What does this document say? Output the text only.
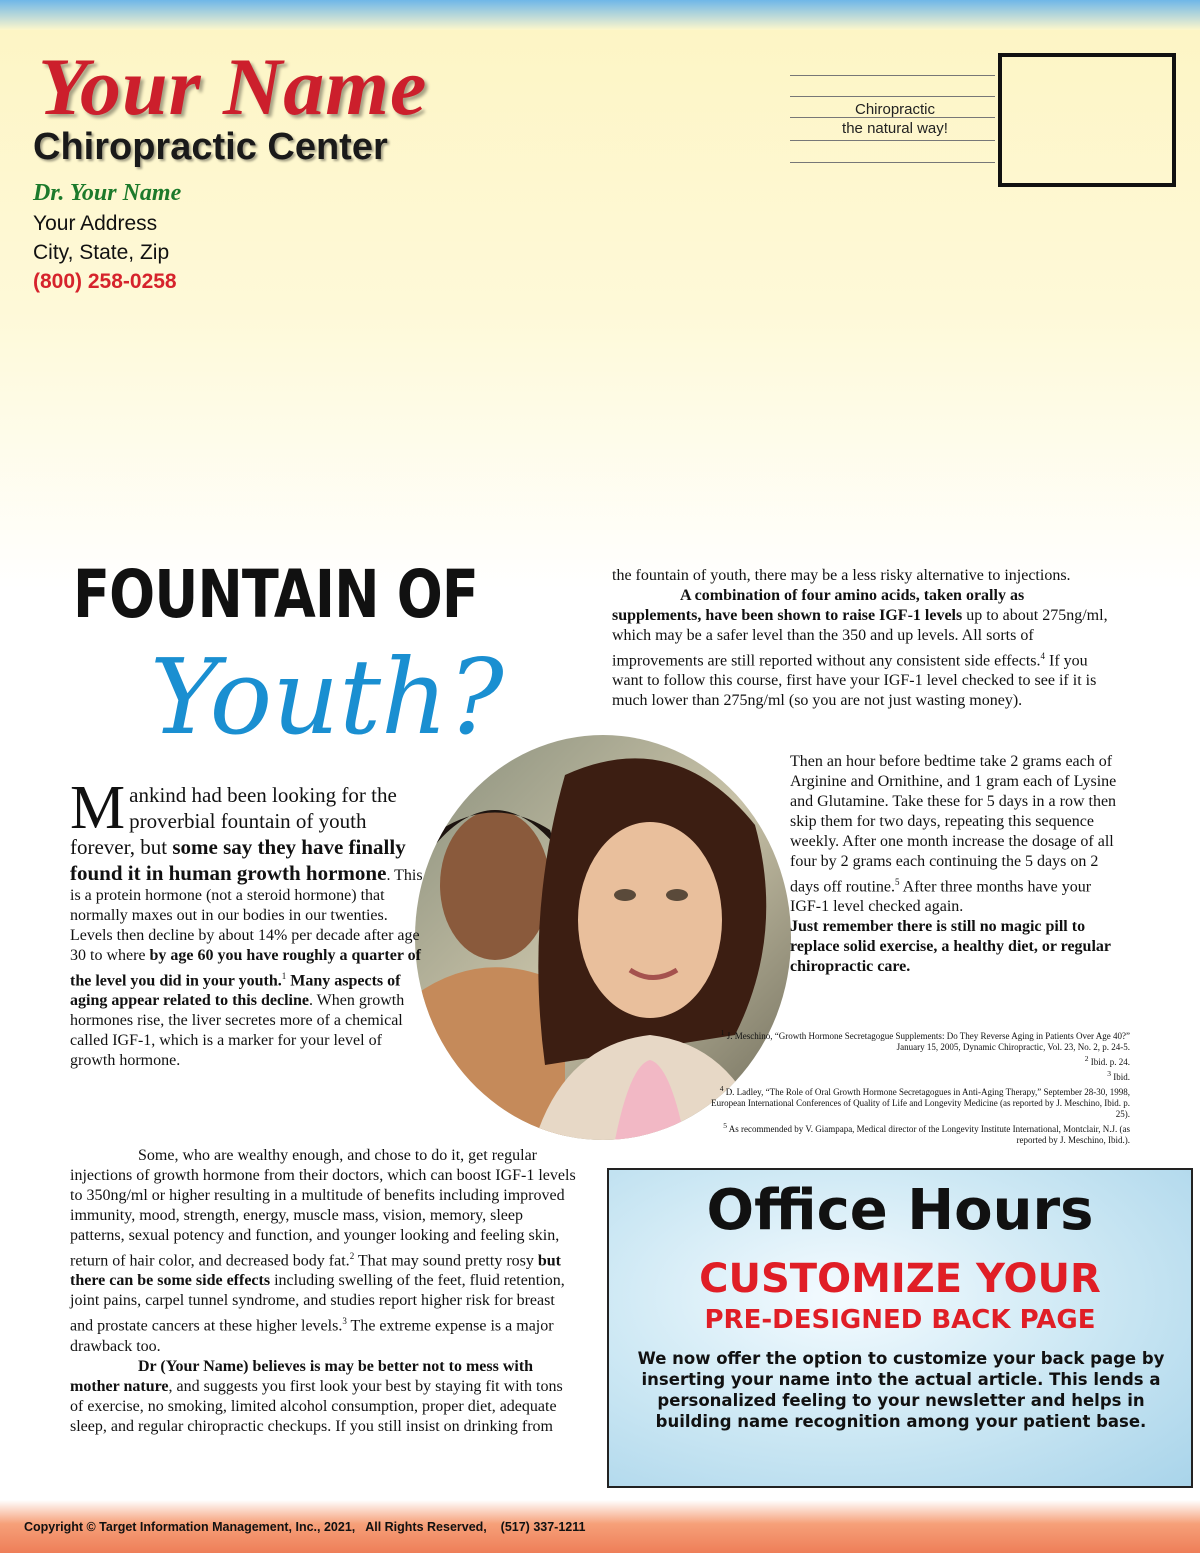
Your Name
Chiropractic Center
Dr. Your Name
Your Address
City, State, Zip
(800) 258-0258
Chiropractic
the natural way!
FOUNTAIN OF
Youth?

M ankind had been looking for the proverbial fountain of youth forever, but some say they have finally found it in human growth hormone. This is a protein hormone (not a steroid hormone) that normally maxes out in our bodies in our twenties. Levels then decline by about 14% per decade after age 30 to where by age 60 you have roughly a quarter of the level you did in your youth.$^1$ Many aspects of aging appear related to this decline. When growth hormones rise, the liver secretes more of a chemical called IGF-1, which is a marker for your level of growth hormone.

Some, who are wealthy enough, and chose to do it, get regular injections of growth hormone from their doctors, which can boost IGF-1 levels to 350ng/ml or higher resulting in a multitude of benefits including improved immunity, mood, strength, energy, muscle mass, vision, memory, sleep patterns, sexual potency and function, and younger looking and feeling skin, return of hair color, and decreased body fat.$^2$ That may sound pretty rosy but there can be some side effects including swelling of the feet, fluid retention, joint pains, carpel tunnel syndrome, and studies report higher risk for breast and prostate cancers at these higher levels.$^3$ The extreme expense is a major drawback too.

Dr (Your Name) believes is may be better not to mess with mother nature, and suggests you first look your best by staying fit with tons of exercise, no smoking, limited alcohol consumption, proper diet, adequate sleep, and regular chiropractic checkups. If you still insist on drinking from

the fountain of youth, there may be a less risky alternative to injections.

A combination of four amino acids, taken orally as supplements, have been shown to raise IGF-1 levels up to about 275ng/ml, which may be a safer level than the 350 and up levels. All sorts of improvements are still reported without any consistent side effects.$^4$ If you want to follow this course, first have your IGF-1 level checked to see if it is much lower than 275ng/ml (so you are not just wasting money).

Then an hour before bedtime take 2 grams each of Arginine and Ornithine, and 1 gram each of Lysine and Glutamine. Take these for 5 days in a row then skip them for two days, repeating this sequence weekly. After one month increase the dosage of all four by 2 grams each continuing the 5 days on 2 days off routine.$^5$ After three months have your IGF-1 level checked again.

Just remember there is still no magic pill to replace solid exercise, a healthy diet, or regular chiropractic care.

$^1$ J. Meschino, “Growth Hormone Secretagogue Supplements: Do They Reverse Aging in Patients Over Age 40?” January 15, 2005, Dynamic Chiropractic, Vol. 23, No. 2, p. 24-5.
$^2$ Ibid. p. 24.
$^3$ Ibid.
$^4$ D. Ladley, “The Role of Oral Growth Hormone Secretagogues in Anti-Aging Therapy,” September 28-30, 1998, European International Conferences of Quality of Life and Longevity Medicine (as reported by J. Meschino, Ibid. p. 25).
$^5$ As recommended by V. Giampapa, Medical director of the Longevity Institute International, Montclair, N.J. (as reported by J. Meschino, Ibid.).
Office Hours
CUSTOMIZE YOUR
PRE-DESIGNED BACK PAGE
We now offer the option to customize your back page by inserting your name into the actual article. This lends a personalized feeling to your newsletter and helps in building name recognition among your patient base.
Copyright © Target Information Management, Inc., 2021,   All Rights Reserved,    (517) 337-1211
